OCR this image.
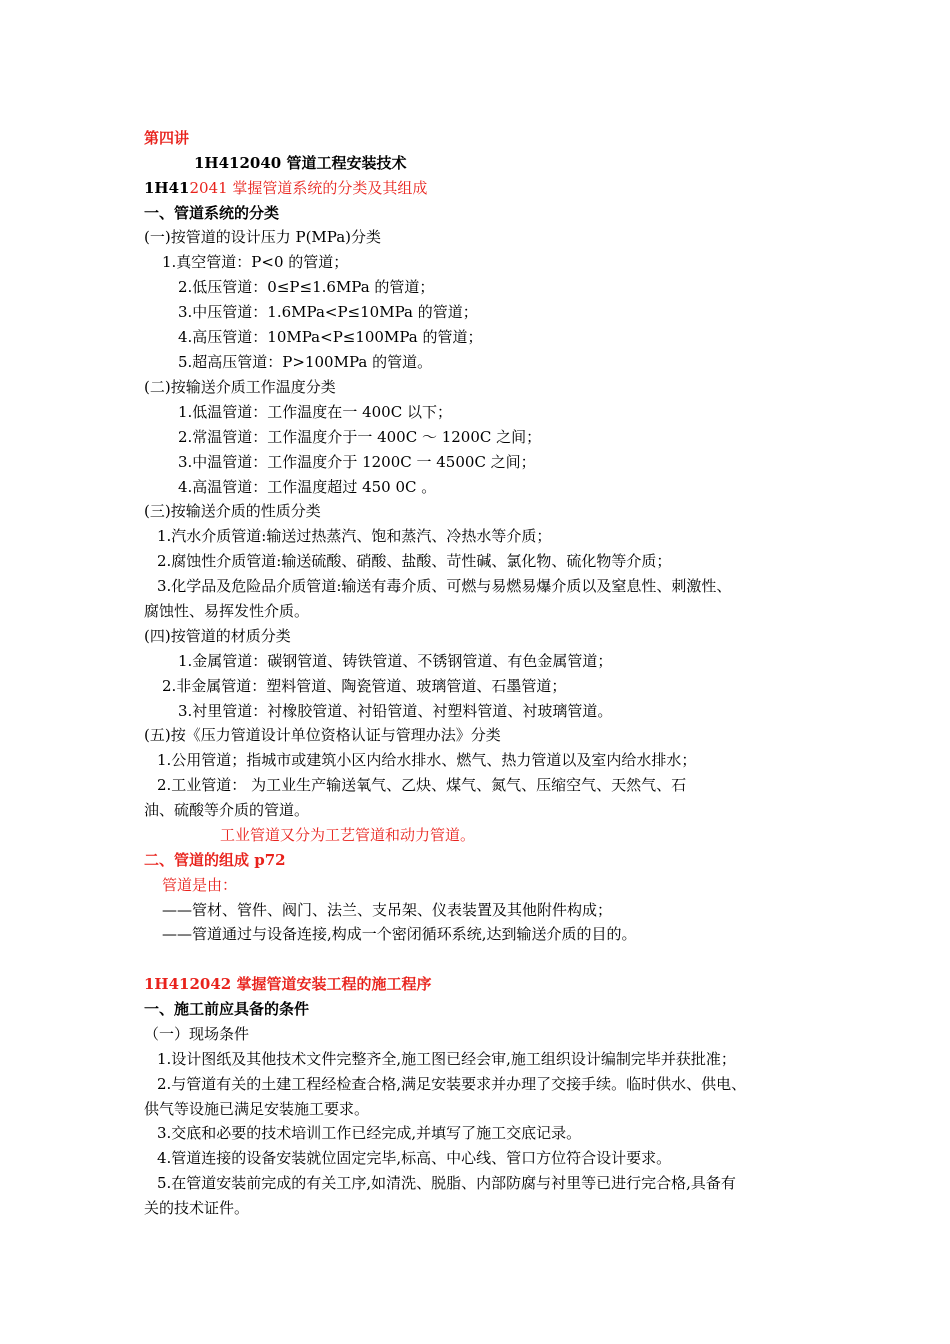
第四讲
1H412040 管道工程安装技术
1H412041 掌握管道系统的分类及其组成
一、管道系统的分类
(一)按管道的设计压力 P(MPa)分类
1.真空管道：P<0 的管道；
2.低压管道：0≤P≤1.6MPa 的管道；
3.中压管道：1.6MPa<P≤10MPa 的管道；
4.高压管道：10MPa<P≤100MPa 的管道；
5.超高压管道：P>100MPa 的管道。
(二)按输送介质工作温度分类
1.低温管道：工作温度在一 400C 以下；
2.常温管道：工作温度介于一 400C ～ 1200C 之间；
3.中温管道：工作温度介于 1200C 一 4500C 之间；
4.高温管道：工作温度超过 450 0C 。
(三)按输送介质的性质分类
1.汽水介质管道:输送过热蒸汽、饱和蒸汽、冷热水等介质；
2.腐蚀性介质管道:输送硫酸、硝酸、盐酸、苛性碱、氯化物、硫化物等介质；
3.化学品及危险品介质管道:输送有毒介质、可燃与易燃易爆介质以及窒息性、刺激性、
腐蚀性、易挥发性介质。
(四)按管道的材质分类
1.金属管道：碳钢管道、铸铁管道、不锈钢管道、有色金属管道；
2.非金属管道：塑料管道、陶瓷管道、玻璃管道、石墨管道；
3.衬里管道：衬橡胶管道、衬铅管道、衬塑料管道、衬玻璃管道。
(五)按《压力管道设计单位资格认证与管理办法》分类
1.公用管道；指城市或建筑小区内给水排水、燃气、热力管道以及室内给水排水；
2.工业管道： 为工业生产输送氧气、乙炔、煤气、氮气、压缩空气、天然气、石
油、硫酸等介质的管道。
工业管道又分为工艺管道和动力管道。
二、管道的组成 p72
管道是由：
——管材、管件、阀门、法兰、支吊架、仪表装置及其他附件构成；
——管道通过与设备连接,构成一个密闭循环系统,达到输送介质的目的。
1H412042 掌握管道安装工程的施工程序
一、施工前应具备的条件
（一）现场条件
1.设计图纸及其他技术文件完整齐全,施工图已经会审,施工组织设计编制完毕并获批准；
2.与管道有关的土建工程经检查合格,满足安装要求并办理了交接手续。临时供水、供电、
供气等设施已满足安装施工要求。
3.交底和必要的技术培训工作已经完成,并填写了施工交底记录。
4.管道连接的设备安装就位固定完毕,标高、中心线、管口方位符合设计要求。
5.在管道安装前完成的有关工序,如清洗、脱脂、内部防腐与衬里等已进行完合格,具备有
关的技术证件。
